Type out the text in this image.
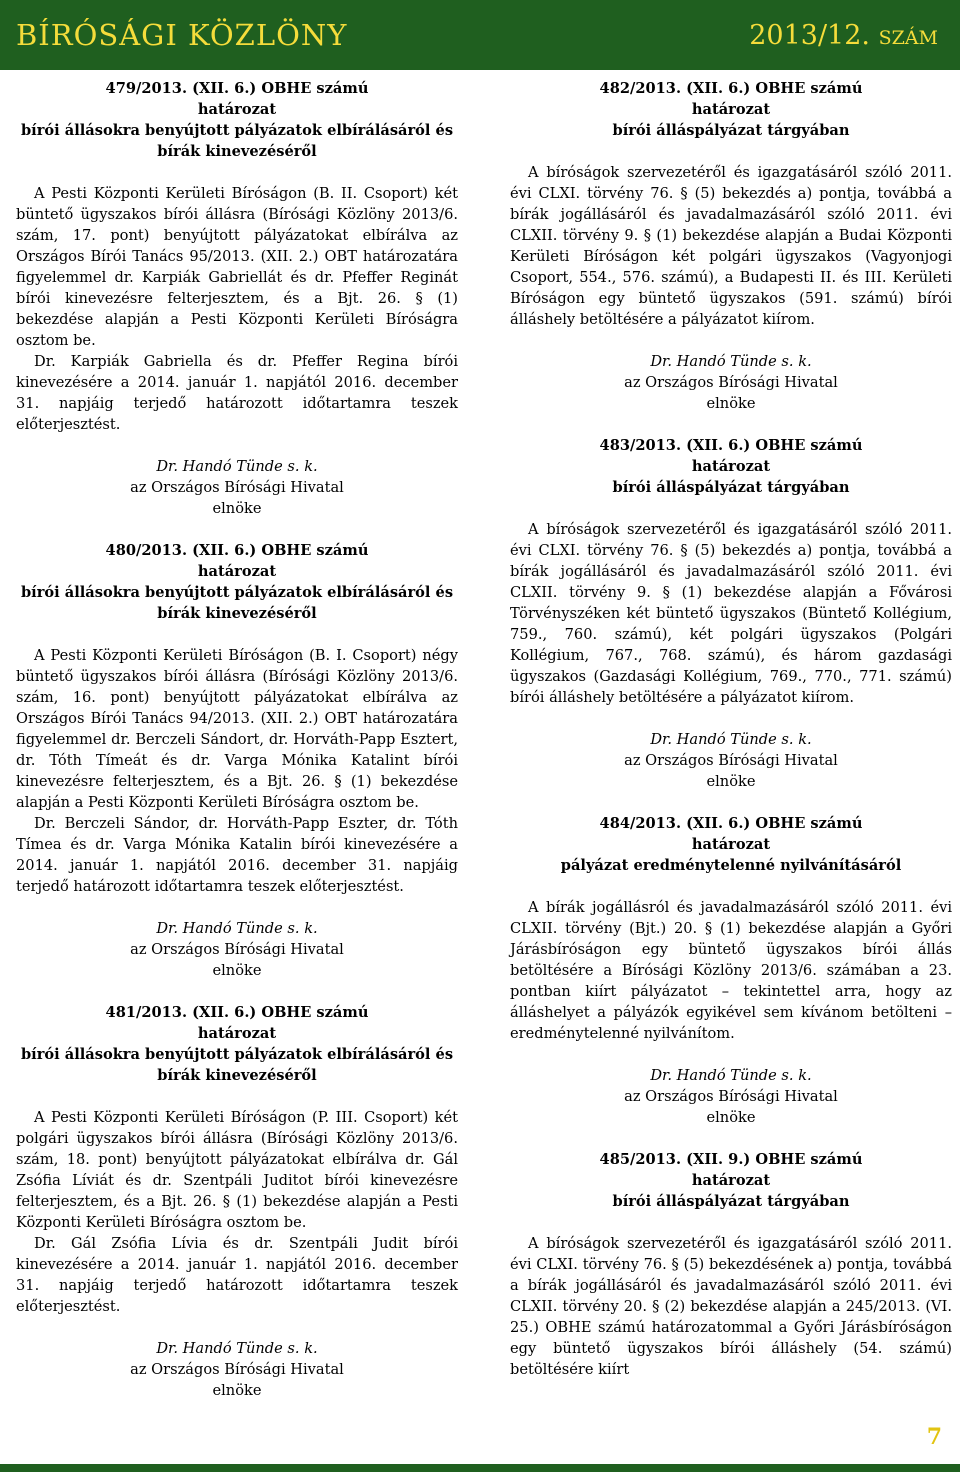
BÍRÓSÁGI KÖZLÖNY	2013/12. SZÁM
479/2013. (XII. 6.) OBHE számú
határozat
bírói állásokra benyújtott pályázatok elbírálásáról és
bírák kinevezéséről
A Pesti Központi Kerületi Bíróságon (B. II. Csoport) két büntető ügyszakos bírói állásra (Bírósági Közlöny 2013/6. szám, 17. pont) benyújtott pályázatokat elbírálva az Országos Bírói Tanács 95/2013. (XII. 2.) OBT határozatára figyelemmel dr. Karpiák Gabriellát és dr. Pfeffer Reginát bírói kinevezésre felterjesztem, és a Bjt. 26. § (1) bekezdése alapján a Pesti Központi Kerületi Bíróságra osztom be.
Dr. Karpiák Gabriella és dr. Pfeffer Regina bírói kinevezésére a 2014. január 1. napjától 2016. december 31. napjáig terjedő határozott időtartamra teszek előterjesztést.
Dr. Handó Tünde s. k.
az Országos Bírósági Hivatal
elnöke
480/2013. (XII. 6.) OBHE számú
határozat
bírói állásokra benyújtott pályázatok elbírálásáról és
bírák kinevezéséről
A Pesti Központi Kerületi Bíróságon (B. I. Csoport) négy büntető ügyszakos bírói állásra (Bírósági Közlöny 2013/6. szám, 16. pont) benyújtott pályázatokat elbírálva az Országos Bírói Tanács 94/2013. (XII. 2.) OBT határozatára figyelemmel dr. Berczeli Sándort, dr. Horváth-Papp Esztert, dr. Tóth Tímeát és dr. Varga Mónika Katalint bírói kinevezésre felterjesztem, és a Bjt. 26. § (1) bekezdése alapján a Pesti Központi Kerületi Bíróságra osztom be.
Dr. Berczeli Sándor, dr. Horváth-Papp Eszter, dr. Tóth Tímea és dr. Varga Mónika Katalin bírói kinevezésére a 2014. január 1. napjától 2016. december 31. napjáig terjedő határozott időtartamra teszek előterjesztést.
Dr. Handó Tünde s. k.
az Országos Bírósági Hivatal
elnöke
481/2013. (XII. 6.) OBHE számú
határozat
bírói állásokra benyújtott pályázatok elbírálásáról és
bírák kinevezéséről
A Pesti Központi Kerületi Bíróságon (P. III. Csoport) két polgári ügyszakos bírói állásra (Bírósági Közlöny 2013/6. szám, 18. pont) benyújtott pályázatokat elbírálva dr. Gál Zsófia Líviát és dr. Szentpáli Juditot bírói kinevezésre felterjesztem, és a Bjt. 26. § (1) bekezdése alapján a Pesti Központi Kerületi Bíróságra osztom be.
Dr. Gál Zsófia Lívia és dr. Szentpáli Judit bírói kinevezésére a 2014. január 1. napjától 2016. december 31. napjáig terjedő határozott időtartamra teszek előterjesztést.
Dr. Handó Tünde s. k.
az Országos Bírósági Hivatal
elnöke
482/2013. (XII. 6.) OBHE számú
határozat
bírói álláspályázat tárgyában
A bíróságok szervezetéről és igazgatásáról szóló 2011. évi CLXI. törvény 76. § (5) bekezdés a) pontja, továbbá a bírák jogállásáról és javadalmazásáról szóló 2011. évi CLXII. törvény 9. § (1) bekezdése alapján a Budai Központi Kerületi Bíróságon két polgári ügyszakos (Vagyonjogi Csoport, 554., 576. számú), a Budapesti II. és III. Kerületi Bíróságon egy büntető ügyszakos (591. számú) bírói álláshely betöltésére a pályázatot kiírom.
Dr. Handó Tünde s. k.
az Országos Bírósági Hivatal
elnöke
483/2013. (XII. 6.) OBHE számú
határozat
bírói álláspályázat tárgyában
A bíróságok szervezetéről és igazgatásáról szóló 2011. évi CLXI. törvény 76. § (5) bekezdés a) pontja, továbbá a bírák jogállásáról és javadalmazásáról szóló 2011. évi CLXII. törvény 9. § (1) bekezdése alapján a Fővárosi Törvényszéken két büntető ügyszakos (Büntető Kollégium, 759., 760. számú), két polgári ügyszakos (Polgári Kollégium, 767., 768. számú), és három gazdasági ügyszakos (Gazdasági Kollégium, 769., 770., 771. számú) bírói álláshely betöltésére a pályázatot kiírom.
Dr. Handó Tünde s. k.
az Országos Bírósági Hivatal
elnöke
484/2013. (XII. 6.) OBHE számú
határozat
pályázat eredménytelenné nyilvánításáról
A bírák jogállásról és javadalmazásáról szóló 2011. évi CLXII. törvény (Bjt.) 20. § (1) bekezdése alapján a Győri Járásbíróságon egy büntető ügyszakos bírói állás betöltésére a Bírósági Közlöny 2013/6. számában a 23. pontban kiírt pályázatot – tekintettel arra, hogy az álláshelyet a pályázók egyikével sem kívánom betölteni – eredménytelenné nyilvánítom.
Dr. Handó Tünde s. k.
az Országos Bírósági Hivatal
elnöke
485/2013. (XII. 9.) OBHE számú
határozat
bírói álláspályázat tárgyában
A bíróságok szervezetéről és igazgatásáról szóló 2011. évi CLXI. törvény 76. § (5) bekezdésének a) pontja, továbbá a bírák jogállásáról és javadalmazásáról szóló 2011. évi CLXII. törvény 20. § (2) bekezdése alapján a 245/2013. (VI. 25.) OBHE számú határozatommal a Győri Járásbíróságon egy büntető ügyszakos bírói álláshely (54. számú) betöltésére kiírt
7
